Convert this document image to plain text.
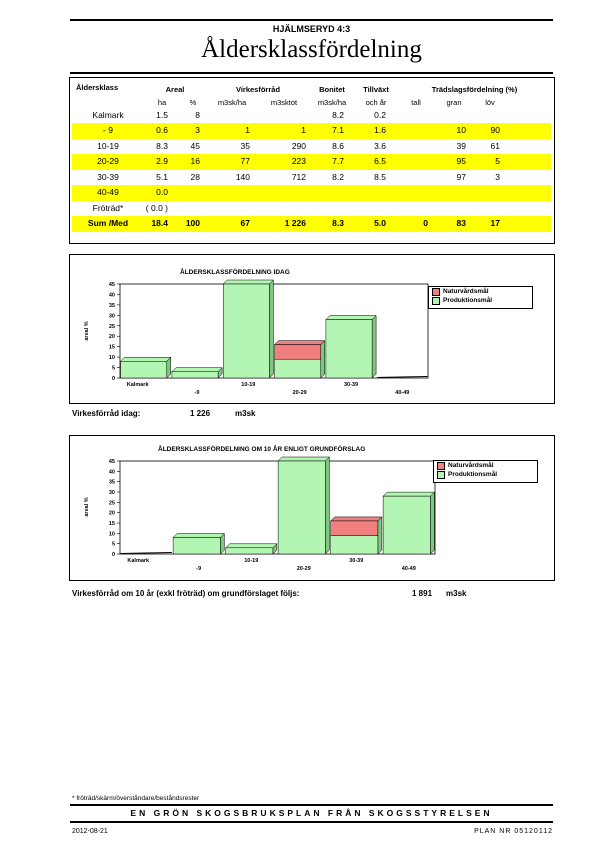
HJÄLMSERYD 4:3
Åldersklassfördelning
Åldersklass	Areal		Virkesförråd		Bonitet	Tillväxt	Trädslagsfördelning (%)			
	ha	%	m3sk/ha	m3sktot	m3sk/ha	och år	tall	gran	löv	
Kalmark	1.5	8			8.2	0.2				
- 9	0.6	3	1	1	7.1	1.6		10	90	
10-19	8.3	45	35	290	8.6	3.6		39	61	
20-29	2.9	16	77	223	7.7	6.5		95	5	
30-39	5.1	28	140	712	8.2	8.5		97	3	
40-49	0.0									
Fröträd*	( 0.0 )									
Sum /Med	18.4	100	67	1 226	8.3	5.0	0	83	17	
ÅLDERSKLASSFÖRDELNING IDAG
0
5
10
15
20
25
30
35
40
45
areal %
Kalmark
-9
10-19
20-29
30-39
40-49
Naturvårdsmål
Produktionsmål
Virkesförråd idag:	1 226	m3sk
ÅLDERSKLASSFÖRDELNING OM 10 ÅR ENLIGT GRUNDFÖRSLAG
0
5
10
15
20
25
30
35
40
45
areal %
Kalmark
-9
10-19
20-29
30-39
40-49
Naturvårdsmål
Produktionsmål
Virkesförråd om 10 år (exkl fröträd) om grundförslaget följs:	1 891 m3sk
* fröträd/skärm/överståndare/beståndsrester
EN GRÖN SKOGSBRUKSPLAN FRÅN SKOGSSTYRELSEN
2012-08-21	PLAN NR 05120112
